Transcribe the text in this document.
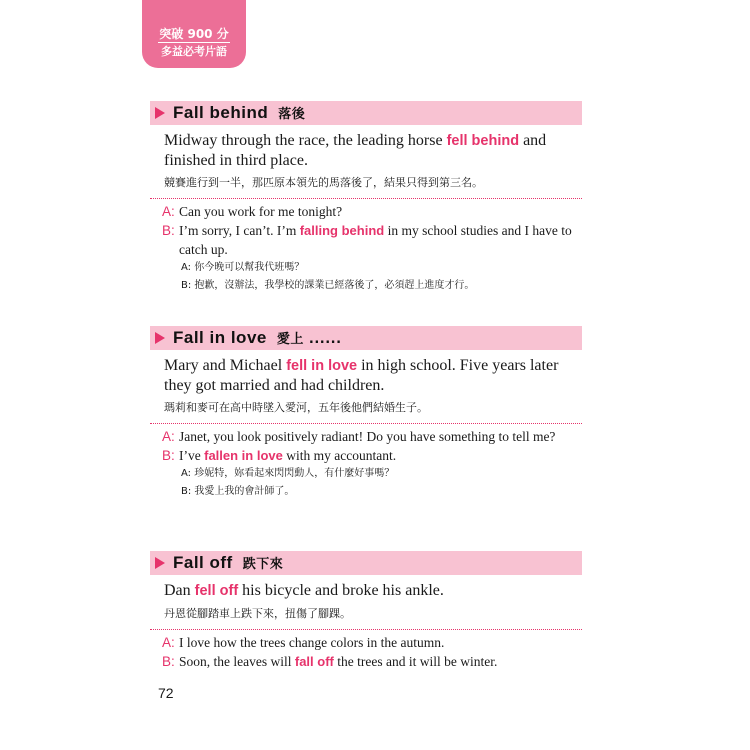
突破 900 分
多益必考片語
Fall behind 落後
Midway through the race, the leading horse fell behind and finished in third place.
競賽進行到一半，那匹原本領先的馬落後了，結果只得到第三名。
A: Can you work for me tonight?
B: I’m sorry, I can’t. I’m falling behind in my school studies and I have to catch up.
A: 你今晚可以幫我代班嗎？
B: 抱歉，沒辦法，我學校的課業已經落後了，必須趕上進度才行。
Fall in love 愛上 ......
Mary and Michael fell in love in high school. Five years later they got married and had children.
瑪莉和麥可在高中時墜入愛河，五年後他們結婚生子。
A: Janet, you look positively radiant! Do you have something to tell me?
B: I’ve fallen in love with my accountant.
A: 珍妮特，妳看起來閃閃動人，有什麼好事嗎？
B: 我愛上我的會計師了。
Fall off 跌下來
Dan fell off his bicycle and broke his ankle.
丹恩從腳踏車上跌下來，扭傷了腳踝。
A: I love how the trees change colors in the autumn.
B: Soon, the leaves will fall off the trees and it will be winter.
72
